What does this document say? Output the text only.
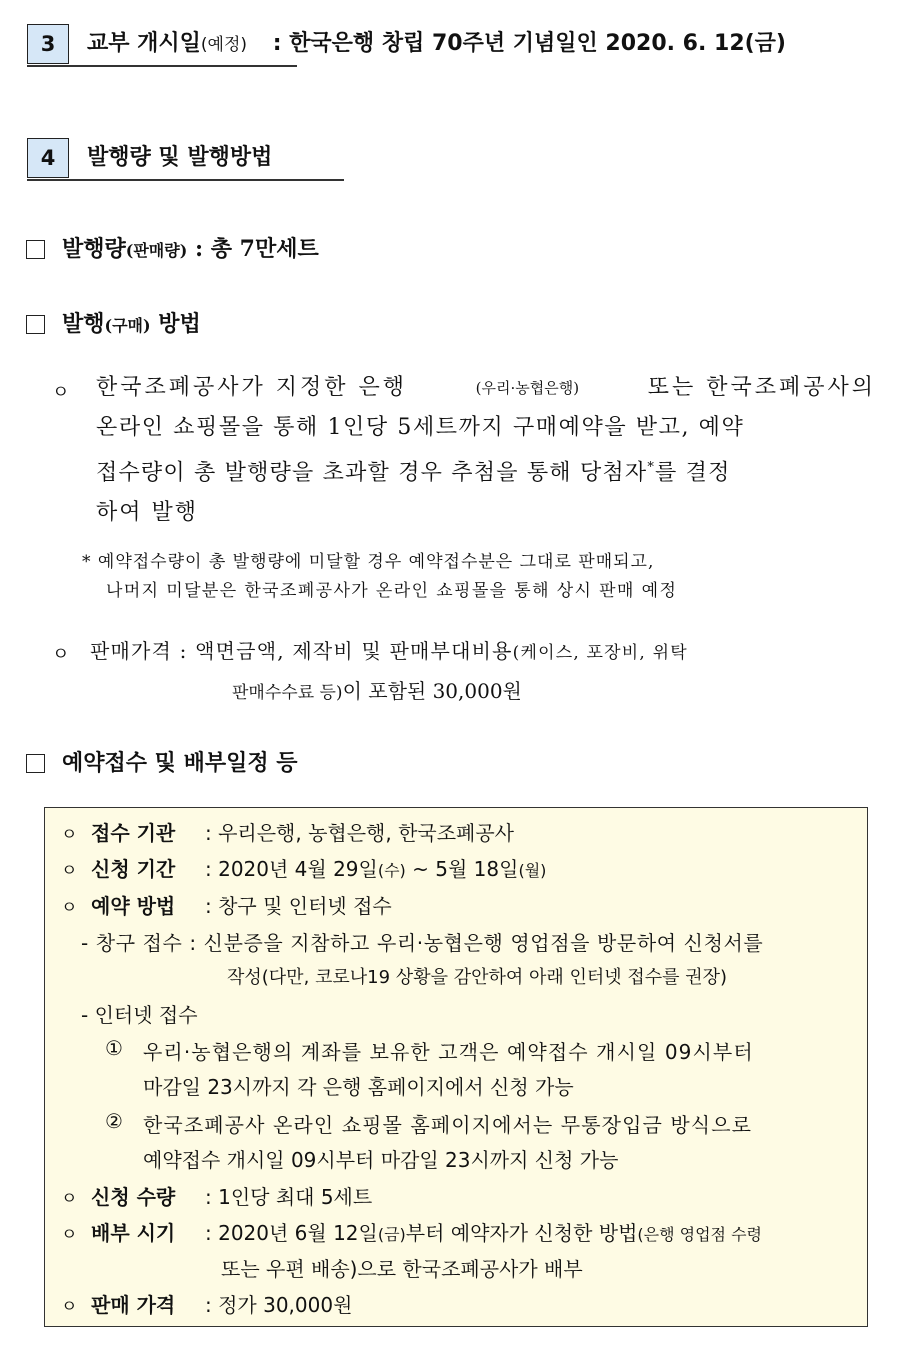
3	교부 개시일(예정) : 한국은행 창립 70주년 기념일인 2020. 6. 12(금)
4	발행량 및 발행방법
발행량(판매량) : 총 7만세트
발행(구매) 방법
ㅇ 한국조폐공사가 지정한 은행	(우리·농협은행)	또는 한국조폐공사의
온라인 쇼핑몰을 통해 1인당 5세트까지 구매예약을 받고, 예약
접수량이 총 발행량을 초과할 경우 추첨을 통해 당첨자*를 결정
하여 발행
* 예약접수량이 총 발행량에 미달할 경우 예약접수분은 그대로 판매되고,
나머지 미달분은 한국조폐공사가 온라인 쇼핑몰을 통해 상시 판매 예정
ㅇ 판매가격 : 액면금액, 제작비 및 판매부대비용(케이스, 포장비, 위탁
판매수수료 등)이 포함된 30,000원
예약접수 및 배부일정 등
ㅇ 접수 기관 : 우리은행, 농협은행, 한국조폐공사
ㅇ 신청 기간 : 2020년 4월 29일(수) ~ 5월 18일(월)
ㅇ 예약 방법 : 창구 및 인터넷 접수
- 창구 접수 : 신분증을 지참하고 우리·농협은행 영업점을 방문하여 신청서를
작성(다만, 코로나19 상황을 감안하여 아래 인터넷 접수를 권장)
- 인터넷 접수
① 우리·농협은행의 계좌를 보유한 고객은 예약접수 개시일 09시부터
마감일 23시까지 각 은행 홈페이지에서 신청 가능
② 한국조폐공사 온라인 쇼핑몰 홈페이지에서는 무통장입금 방식으로
예약접수 개시일 09시부터 마감일 23시까지 신청 가능
ㅇ 신청 수량 : 1인당 최대 5세트
ㅇ 배부 시기 : 2020년 6월 12일(금)부터 예약자가 신청한 방법(은행 영업점 수령
또는 우편 배송)으로 한국조폐공사가 배부
ㅇ 판매 가격 : 정가 30,000원
